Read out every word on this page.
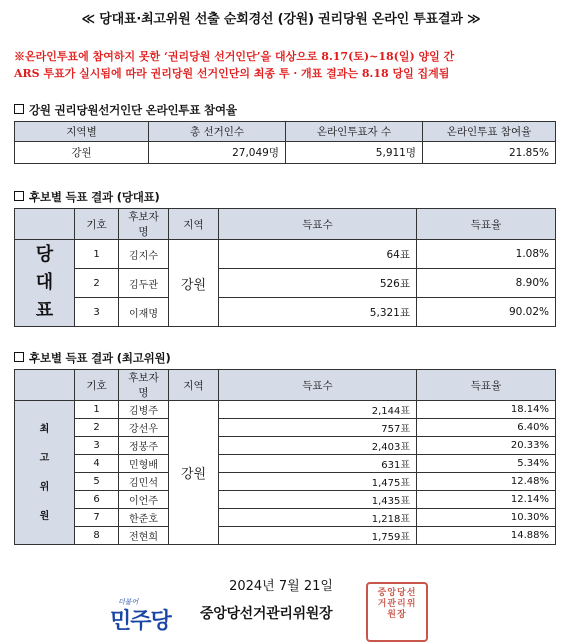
≪ 당대표·최고위원 선출 순회경선 (강원) 권리당원 온라인 투표결과 ≫
※온라인투표에 참여하지 못한 ‘권리당원 선거인단’을 대상으로 8.17(토)~18(일) 양일 간
ARS 투표가 실시됨에 따라 권리당원 선거인단의 최종 투 · 개표 결과는 8.18 당일 집계됨
강원 권리당원선거인단 온라인투표 참여율
지역별	총 선거인수	온라인투표자 수	온라인투표 참여율
강원	27,049명	5,911명	21.85%
후보별 득표 결과 (당대표)
	기호	후보자명	지역	득표수	득표율

당
대
표	1	김지수	강원	64표	1.08%
	2	김두관		526표	8.90%
	3	이재명		5,321표	90.02%
후보별 득표 결과 (최고위원)
	기호	후보자명	지역	득표수	득표율

최
고
위
원	1	김병주	강원	2,144표	18.14%
	2	강선우		757표	6.40%
	3	정봉주		2,403표	20.33%
	4	민형배		631표	5.34%
	5	김민석		1,475표	12.48%
	6	이언주		1,435표	12.14%
	7	한준호		1,218표	10.30%
	8	전현희		1,759표	14.88%
2024년 7월 21일
더불어
민주당 중앙당선거관리위원장
중앙당선
거관리위
원장
